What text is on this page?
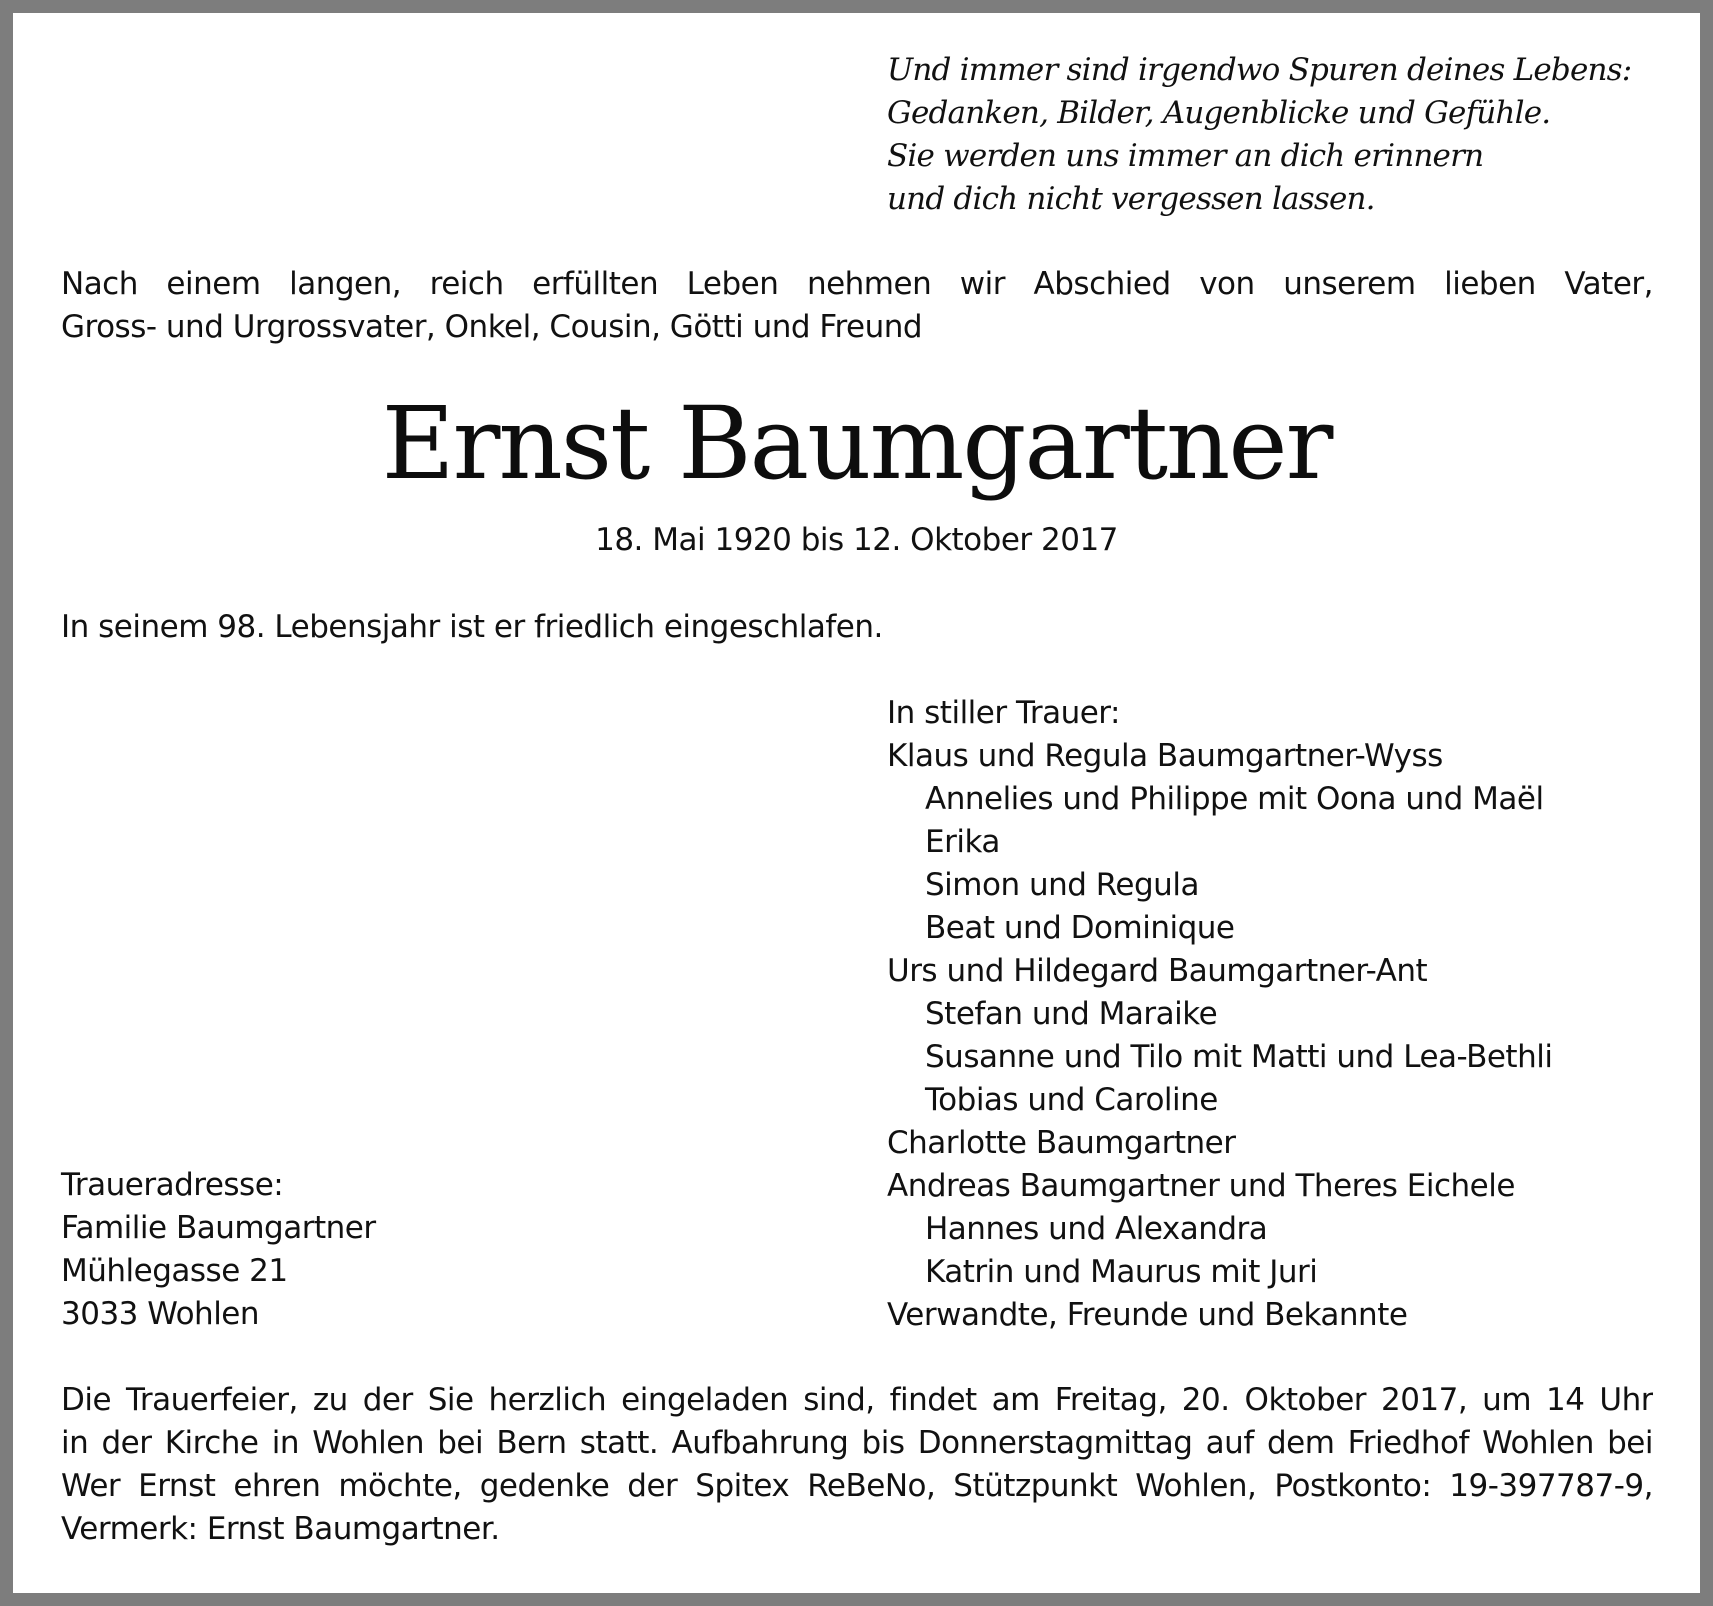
Und immer sind irgendwo Spuren deines Lebens:
Gedanken, Bilder, Augenblicke und Gefühle.
Sie werden uns immer an dich erinnern
und dich nicht vergessen lassen.
Nach einem langen, reich erfüllten Leben nehmen wir Abschied von unserem lieben Vater,
Gross- und Urgrossvater, Onkel, Cousin, Götti und Freund
Ernst Baumgartner
18. Mai 1920 bis 12. Oktober 2017
In seinem 98. Lebensjahr ist er friedlich eingeschlafen.
In stiller Trauer:
Klaus und Regula Baumgartner-Wyss
Annelies und Philippe mit Oona und Maël
Erika
Simon und Regula
Beat und Dominique
Urs und Hildegard Baumgartner-Ant
Stefan und Maraike
Susanne und Tilo mit Matti und Lea-Bethli
Tobias und Caroline
Charlotte Baumgartner
Andreas Baumgartner und Theres Eichele
Hannes und Alexandra
Katrin und Maurus mit Juri
Verwandte, Freunde und Bekannte
Traueradresse:
Familie Baumgartner
Mühlegasse 21
3033 Wohlen
Die Trauerfeier, zu der Sie herzlich eingeladen sind, findet am Freitag, 20. Oktober 2017, um 14 Uhr
in der Kirche in Wohlen bei Bern statt. Aufbahrung bis Donnerstagmittag auf dem Friedhof Wohlen bei
Wer Ernst ehren möchte, gedenke der Spitex ReBeNo, Stützpunkt Wohlen, Postkonto: 19-397787-9,
Vermerk: Ernst Baumgartner.
